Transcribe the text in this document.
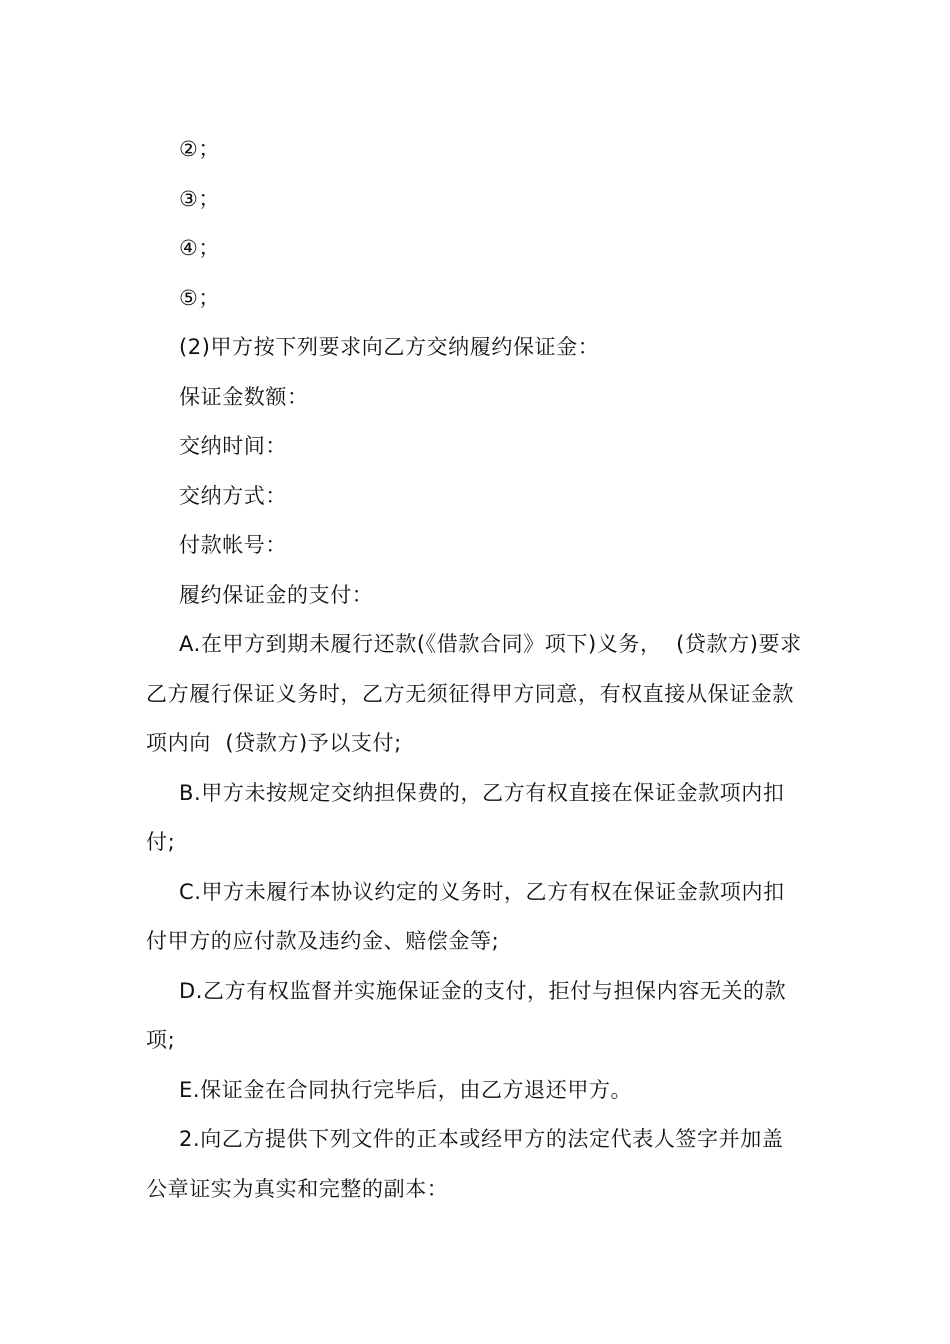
②；

③；

④；

⑤；

(2)甲方按下列要求向乙方交纳履约保证金：

保证金数额：

交纳时间：

交纳方式：

付款帐号：

履约保证金的支付：

A.在甲方到期未履行还款(《借款合同》项下)义务，  (贷款方)要求乙方履行保证义务时，乙方无须征得甲方同意，有权直接从保证金款项内向  (贷款方)予以支付;

B.甲方未按规定交纳担保费的，乙方有权直接在保证金款项内扣付;

C.甲方未履行本协议约定的义务时，乙方有权在保证金款项内扣付甲方的应付款及违约金、赔偿金等;

D.乙方有权监督并实施保证金的支付，拒付与担保内容无关的款项;

E.保证金在合同执行完毕后，由乙方退还甲方。

2.向乙方提供下列文件的正本或经甲方的法定代表人签字并加盖公章证实为真实和完整的副本：
